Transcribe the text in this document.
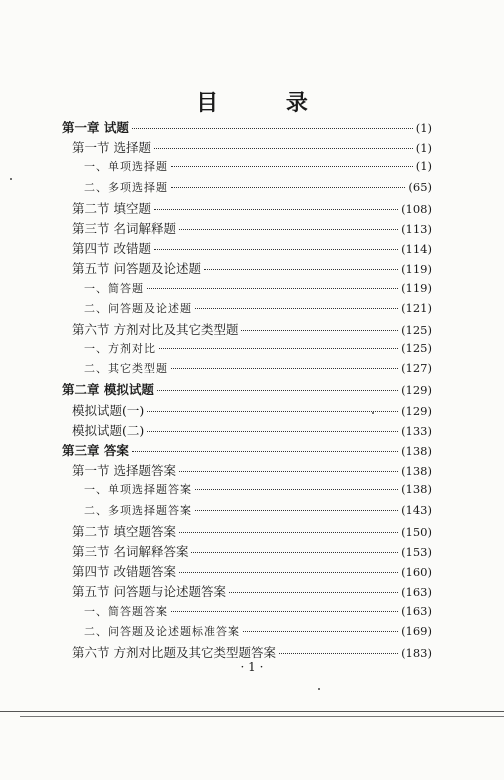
目 录
第一章 试题	(1)
第一节 选择题	(1)
一、单项选择题	(1)
二、多项选择题	(65)
第二节 填空题	(108)
第三节 名词解释题	(113)
第四节 改错题	(114)
第五节 问答题及论述题	(119)
一、简答题	(119)
二、问答题及论述题	(121)
第六节 方剂对比及其它类型题	(125)
一、方剂对比	(125)
二、其它类型题	(127)
第二章 模拟试题	(129)
模拟试题(一)	(129)
模拟试题(二)	(133)
第三章 答案	(138)
第一节 选择题答案	(138)
一、单项选择题答案	(138)
二、多项选择题答案	(143)
第二节 填空题答案	(150)
第三节 名词解释答案	(153)
第四节 改错题答案	(160)
第五节 问答题与论述题答案	(163)
一、简答题答案	(163)
二、问答题及论述题标准答案	(169)
第六节 方剂对比题及其它类型题答案	(183)
· 1 ·
